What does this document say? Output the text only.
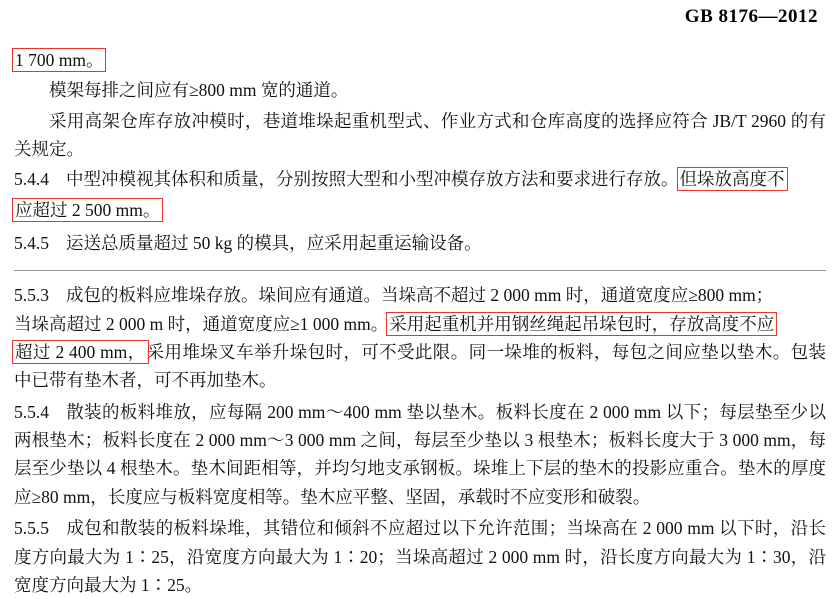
GB 8176—2012

1 700 mm。

模架每排之间应有≥800 mm 宽的通道。

采用高架仓库存放冲模时，巷道堆垛起重机型式、作业方式和仓库高度的选择应符合 JB/T 2960 的有关规定。

5.4.4 中型冲模视其体积和质量，分别按照大型和小型冲模存放方法和要求进行存放。但垛放高度不

应超过 2 500 mm。

5.4.5 运送总质量超过 50 kg 的模具，应采用起重运输设备。

5.5.3 成包的板料应堆垛存放。垛间应有通道。当垛高不超过 2 000 mm 时，通道宽度应≥800 mm；

当垛高超过 2 000 m 时，通道宽度应≥1 000 mm。采用起重机并用钢丝绳起吊垛包时，存放高度不应

超过 2 400 mm，采用堆垛叉车举升垛包时，可不受此限。同一垛堆的板料，每包之间应垫以垫木。包装中已带有垫木者，可不再加垫木。

5.5.4 散装的板料堆放，应每隔 200 mm～400 mm 垫以垫木。板料长度在 2 000 mm 以下；每层垫至少以两根垫木；板料长度在 2 000 mm～3 000 mm 之间，每层至少垫以 3 根垫木；板料长度大于 3 000 mm，每层至少垫以 4 根垫木。垫木间距相等，并均匀地支承钢板。垛堆上下层的垫木的投影应重合。垫木的厚度应≥80 mm，长度应与板料宽度相等。垫木应平整、坚固，承载时不应变形和破裂。

5.5.5 成包和散装的板料垛堆，其错位和倾斜不应超过以下允许范围；当垛高在 2 000 mm 以下时，沿长度方向最大为 1∶25，沿宽度方向最大为 1∶20；当垛高超过 2 000 mm 时，沿长度方向最大为 1∶30，沿宽度方向最大为 1∶25。
